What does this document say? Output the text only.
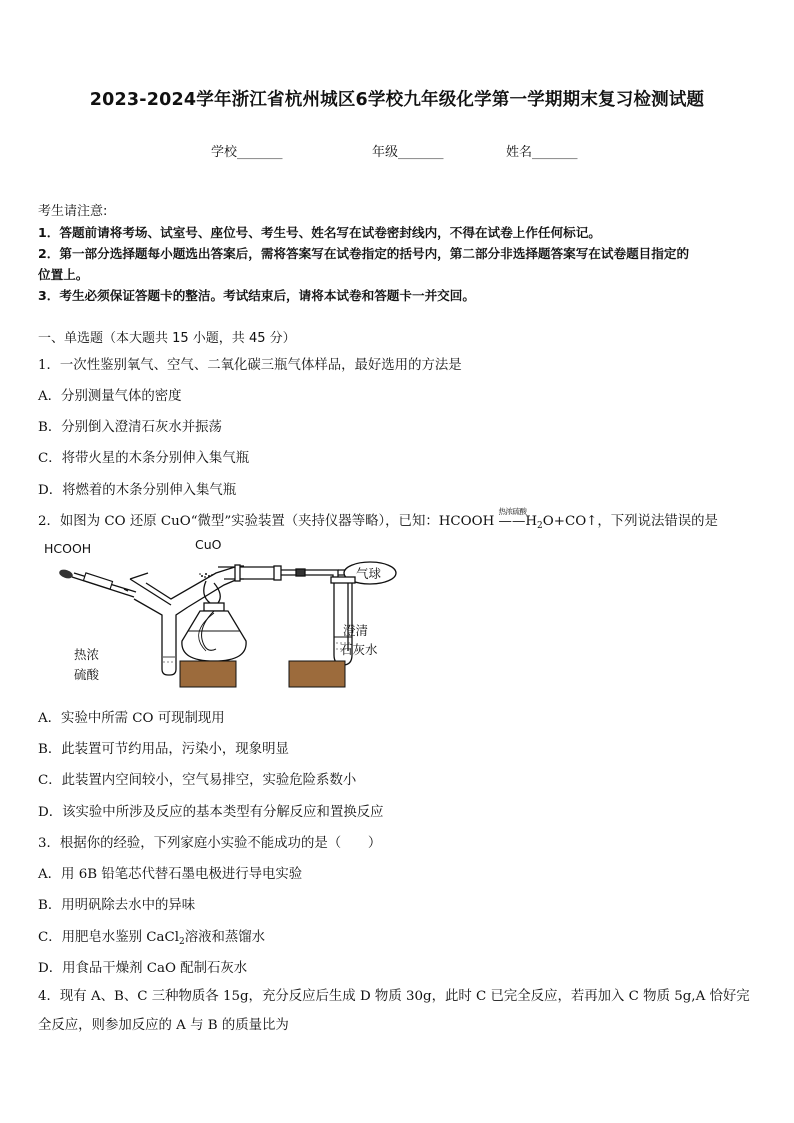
2023-2024学年浙江省杭州城区6学校九年级化学第一学期期末复习检测试题
学校_______	年级_______	姓名_______

考生请注意:

1．答题前请将考场、试室号、座位号、考生号、姓名写在试卷密封线内，不得在试卷上作任何标记。

2．第一部分选择题每小题选出答案后，需将答案写在试卷指定的括号内，第二部分非选择题答案写在试卷题目指定的

位置上。

3．考生必须保证答题卡的整洁。考试结束后，请将本试卷和答题卡一并交回。

一、单选题（本大题共 15 小题，共 45 分）
1．一次性鉴别氧气、空气、二氧化碳三瓶气体样品，最好选用的方法是
A．分别测量气体的密度
B．分别倒入澄清石灰水并振荡
C．将带火星的木条分别伸入集气瓶
D．将燃着的木条分别伸入集气瓶
2．如图为 CO 还原 CuO“微型”实验装置（夹持仪器等略），已知：HCOOH
热浓硫酸
$——H_2O+CO↑$，下列说法错误的是
HCOOH	CuO
热浓
硫酸
澄清
石灰水
气球
A．实验中所需 CO 可现制现用
B．此装置可节约用品，污染小，现象明显
C．此装置内空间较小，空气易排空，实验危险系数小
D．该实验中所涉及反应的基本类型有分解反应和置换反应
3．根据你的经验，下列家庭小实验不能成功的是（　　）
A．用 6B 铅笔芯代替石墨电极进行导电实验
B．用明矾除去水中的异味
C．用肥皂水鉴别 CaCl$_2$溶液和蒸馏水
D．用食品干燥剂 CaO 配制石灰水
4．现有 A、B、C 三种物质各 15g，充分反应后生成 D 物质 30g，此时 C 已完全反应，若再加入 C 物质 5g,A 恰好完全反应，则参加反应的 A 与 B 的质量比为
